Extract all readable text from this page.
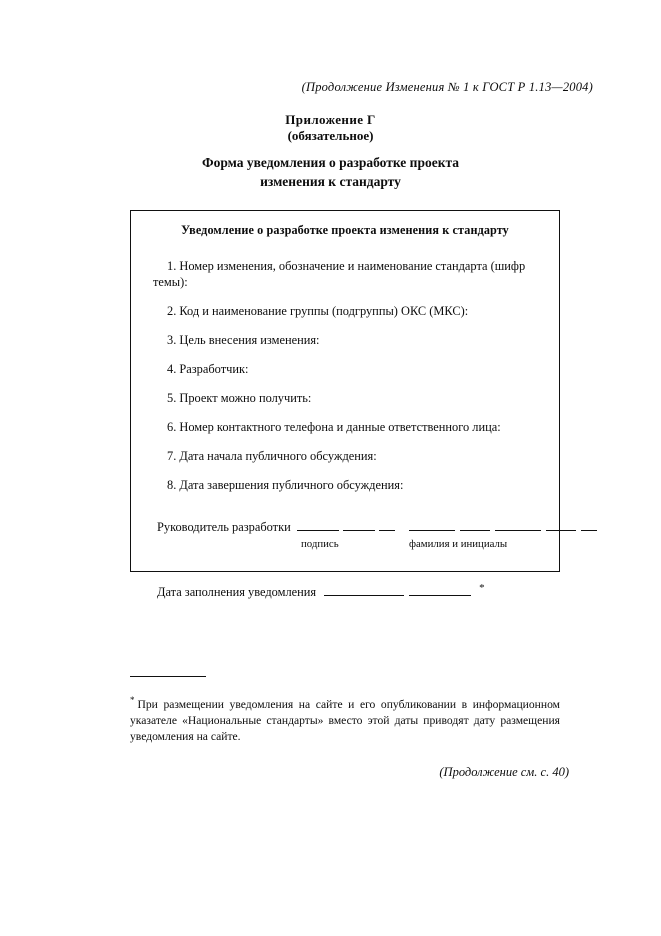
(Продолжение Изменения № 1 к ГОСТ Р 1.13—2004)
Приложение Г
(обязательное)
Форма уведомления о разработке проекта
изменения к стандарту
Уведомление о разработке проекта изменения к стандарту
1. Номер изменения, обозначение и наименование стандарта (шифр темы):
2. Код и наименование группы (подгруппы) ОКС (МКС):
3. Цель внесения изменения:
4. Разработчик:
5. Проект можно получить:
6. Номер контактного телефона и данные ответственного лица:
7. Дата начала публичного обсуждения:
8. Дата завершения публичного обсуждения:
Руководитель разработки
подпись	фамилия и инициалы
Дата заполнения уведомления	*
* При размещении уведомления на сайте и его опубликовании в информационном указателе «Национальные стандарты» вместо этой даты приводят дату размещения уведомления на сайте.
(Продолжение см. с. 40)
